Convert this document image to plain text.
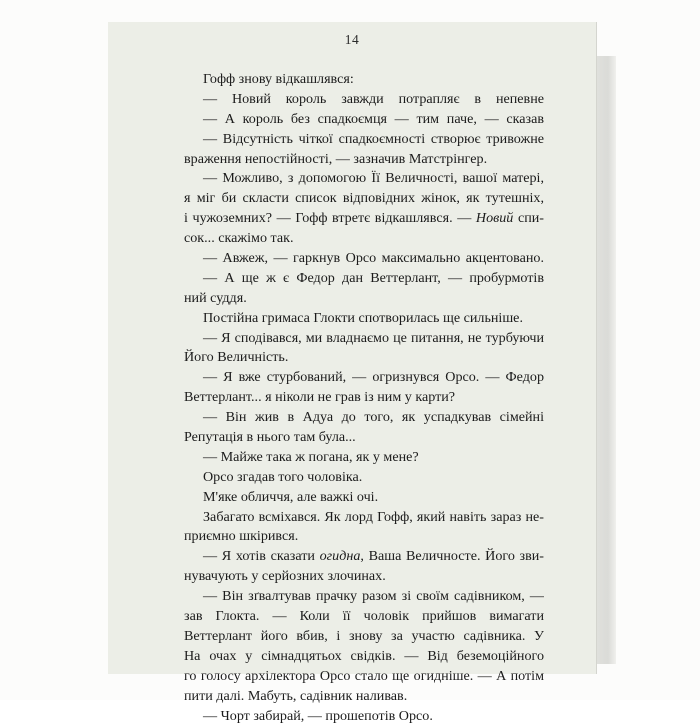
14
Гофф знову відкашлявся:
— Новий король завжди потрапляє в непевне
— А король без спадкоємця — тим паче, — сказав
— Відсутність чіткої спадкоємності створює тривожне
враження непостійності, — зазначив Матстрінгер.
— Можливо, з допомогою Її Величності, вашої матері,
я міг би скласти список відповідних жінок, як тутешніх,
і чужоземних? — Гофф втретє відкашлявся. — Новий спи-
сок... скажімо так.
— Авжеж, — гаркнув Орсо максимально акцентовано.
— А ще ж є Федор дан Веттерлант, — пробурмотів
ний суддя.
Постійна гримаса Глокти спотворилась ще сильніше.
— Я сподівався, ми владнаємо це питання, не турбуючи
Його Величність.
— Я вже стурбований, — огризнувся Орсо. — Федор
Веттерлант... я ніколи не грав із ним у карти?
— Він жив в Адуа до того, як успадкував сімейні
Репутація в нього там була...
— Майже така ж погана, як у мене?
Орсо згадав того чоловіка.
М'яке обличчя, але важкі очі.
Забагато всміхався. Як лорд Гофф, який навіть зараз не-
приємно шкірився.
— Я хотів сказати огидна, Ваша Величносте. Його зви-
нувачують у серйозних злочинах.
— Він зґвалтував прачку разом зі своїм садівником, —
зав Глокта. — Коли її чоловік прийшов вимагати
Веттерлант його вбив, і знову за участю садівника. У
На очах у сімнадцятьох свідків. — Від беземоційного
го голосу архілектора Орсо стало ще огидніше. — А потім
пити далі. Мабуть, садівник наливав.
— Чорт забирай, — прошепотів Орсо.
